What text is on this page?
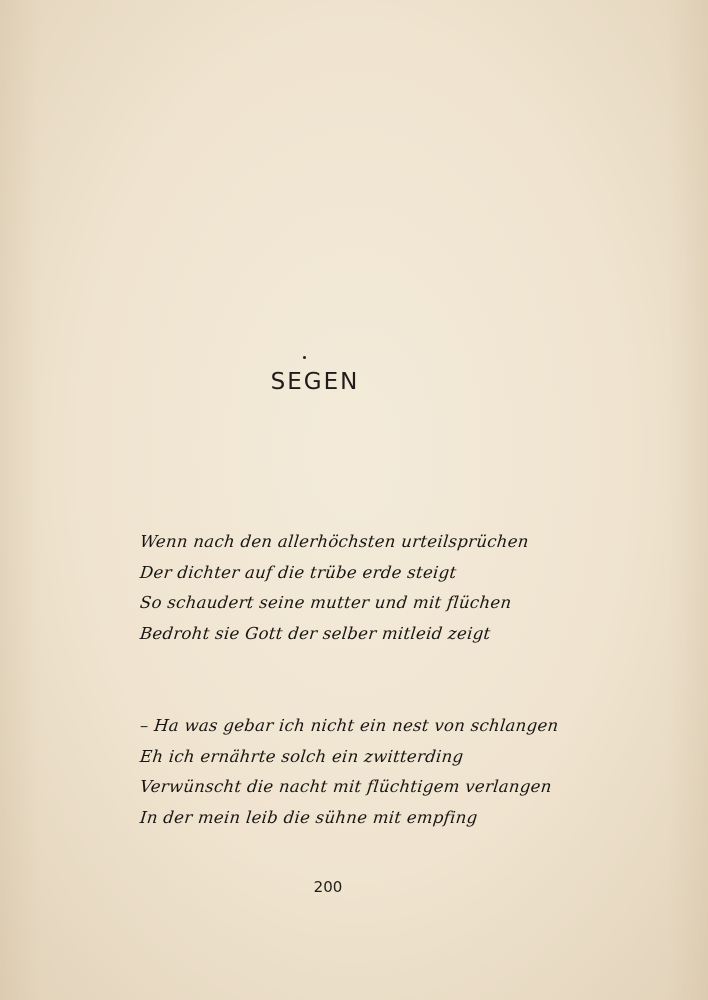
SEGEN
Wenn nach den allerhöchsten urteilsprüchen
Der dichter auf die trübe erde steigt
So schaudert seine mutter und mit flüchen
Bedroht sie Gott der selber mitleid zeigt
– Ha was gebar ich nicht ein nest von schlangen
Eh ich ernährte solch ein zwitterding
Verwünscht die nacht mit flüchtigem verlangen
In der mein leib die sühne mit empfing
200
